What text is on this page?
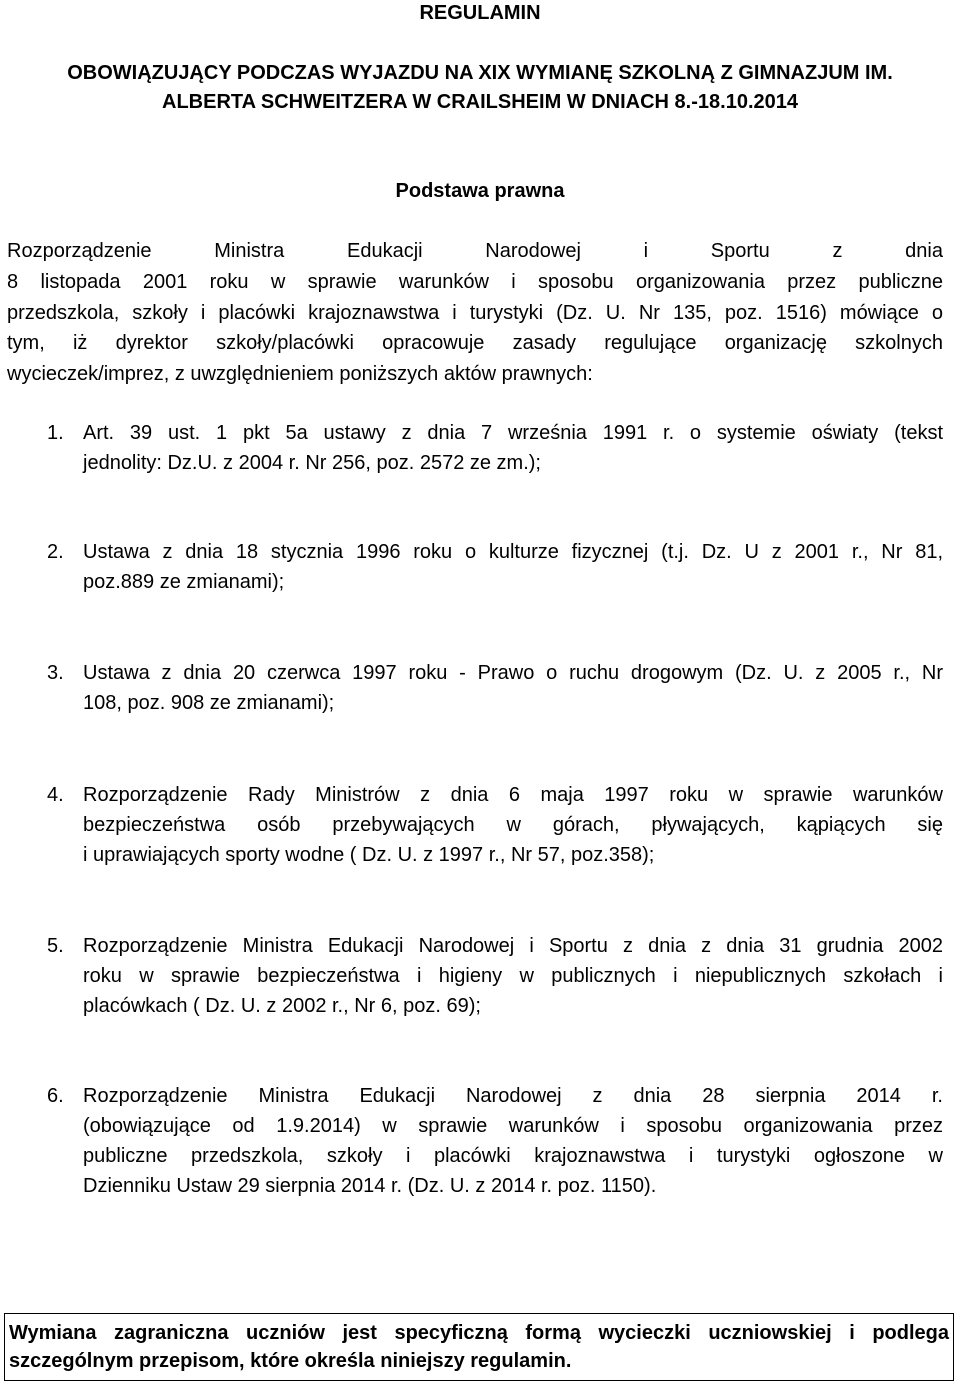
REGULAMIN
OBOWIĄZUJĄCY PODCZAS WYJAZDU NA XIX WYMIANĘ SZKOLNĄ Z GIMNAZJUM IM.
ALBERTA SCHWEITZERA W CRAILSHEIM W DNIACH 8.-18.10.2014
Podstawa prawna
Rozporządzenie Ministra Edukacji Narodowej i Sportu z dnia
8 listopada 2001 roku w sprawie warunków i sposobu organizowania przez publiczne
przedszkola, szkoły i placówki krajoznawstwa i turystyki (Dz. U. Nr 135, poz. 1516) mówiące o
tym, iż dyrektor szkoły/placówki opracowuje zasady regulujące organizację szkolnych
wycieczek/imprez, z uwzględnieniem poniższych aktów prawnych:
1. Art. 39 ust. 1 pkt 5a ustawy z dnia 7 września 1991 r. o systemie oświaty (tekst
jednolity: Dz.U. z 2004 r. Nr 256, poz. 2572 ze zm.);
2. Ustawa z dnia 18 stycznia 1996 roku o kulturze fizycznej (t.j. Dz. U z 2001 r., Nr 81,
poz.889 ze zmianami);
3. Ustawa z dnia 20 czerwca 1997 roku - Prawo o ruchu drogowym (Dz. U. z 2005 r., Nr
108, poz. 908 ze zmianami);
4. Rozporządzenie Rady Ministrów z dnia 6 maja 1997 roku w sprawie warunków
bezpieczeństwa osób przebywających w górach, pływających, kąpiących się
i uprawiających sporty wodne ( Dz. U. z 1997 r., Nr 57, poz.358);
5. Rozporządzenie Ministra Edukacji Narodowej i Sportu z dnia z dnia 31 grudnia 2002
roku w sprawie bezpieczeństwa i higieny w publicznych i niepublicznych szkołach i
placówkach ( Dz. U. z 2002 r., Nr 6, poz. 69);
6. Rozporządzenie Ministra Edukacji Narodowej z dnia 28 sierpnia 2014 r.
(obowiązujące od 1.9.2014) w sprawie warunków i sposobu organizowania przez
publiczne przedszkola, szkoły i placówki krajoznawstwa i turystyki ogłoszone w
Dzienniku Ustaw 29 sierpnia 2014 r. (Dz. U. z 2014 r. poz. 1150).
Wymiana zagraniczna uczniów jest specyficzną formą wycieczki uczniowskiej i podlega
szczególnym przepisom, które określa niniejszy regulamin.
